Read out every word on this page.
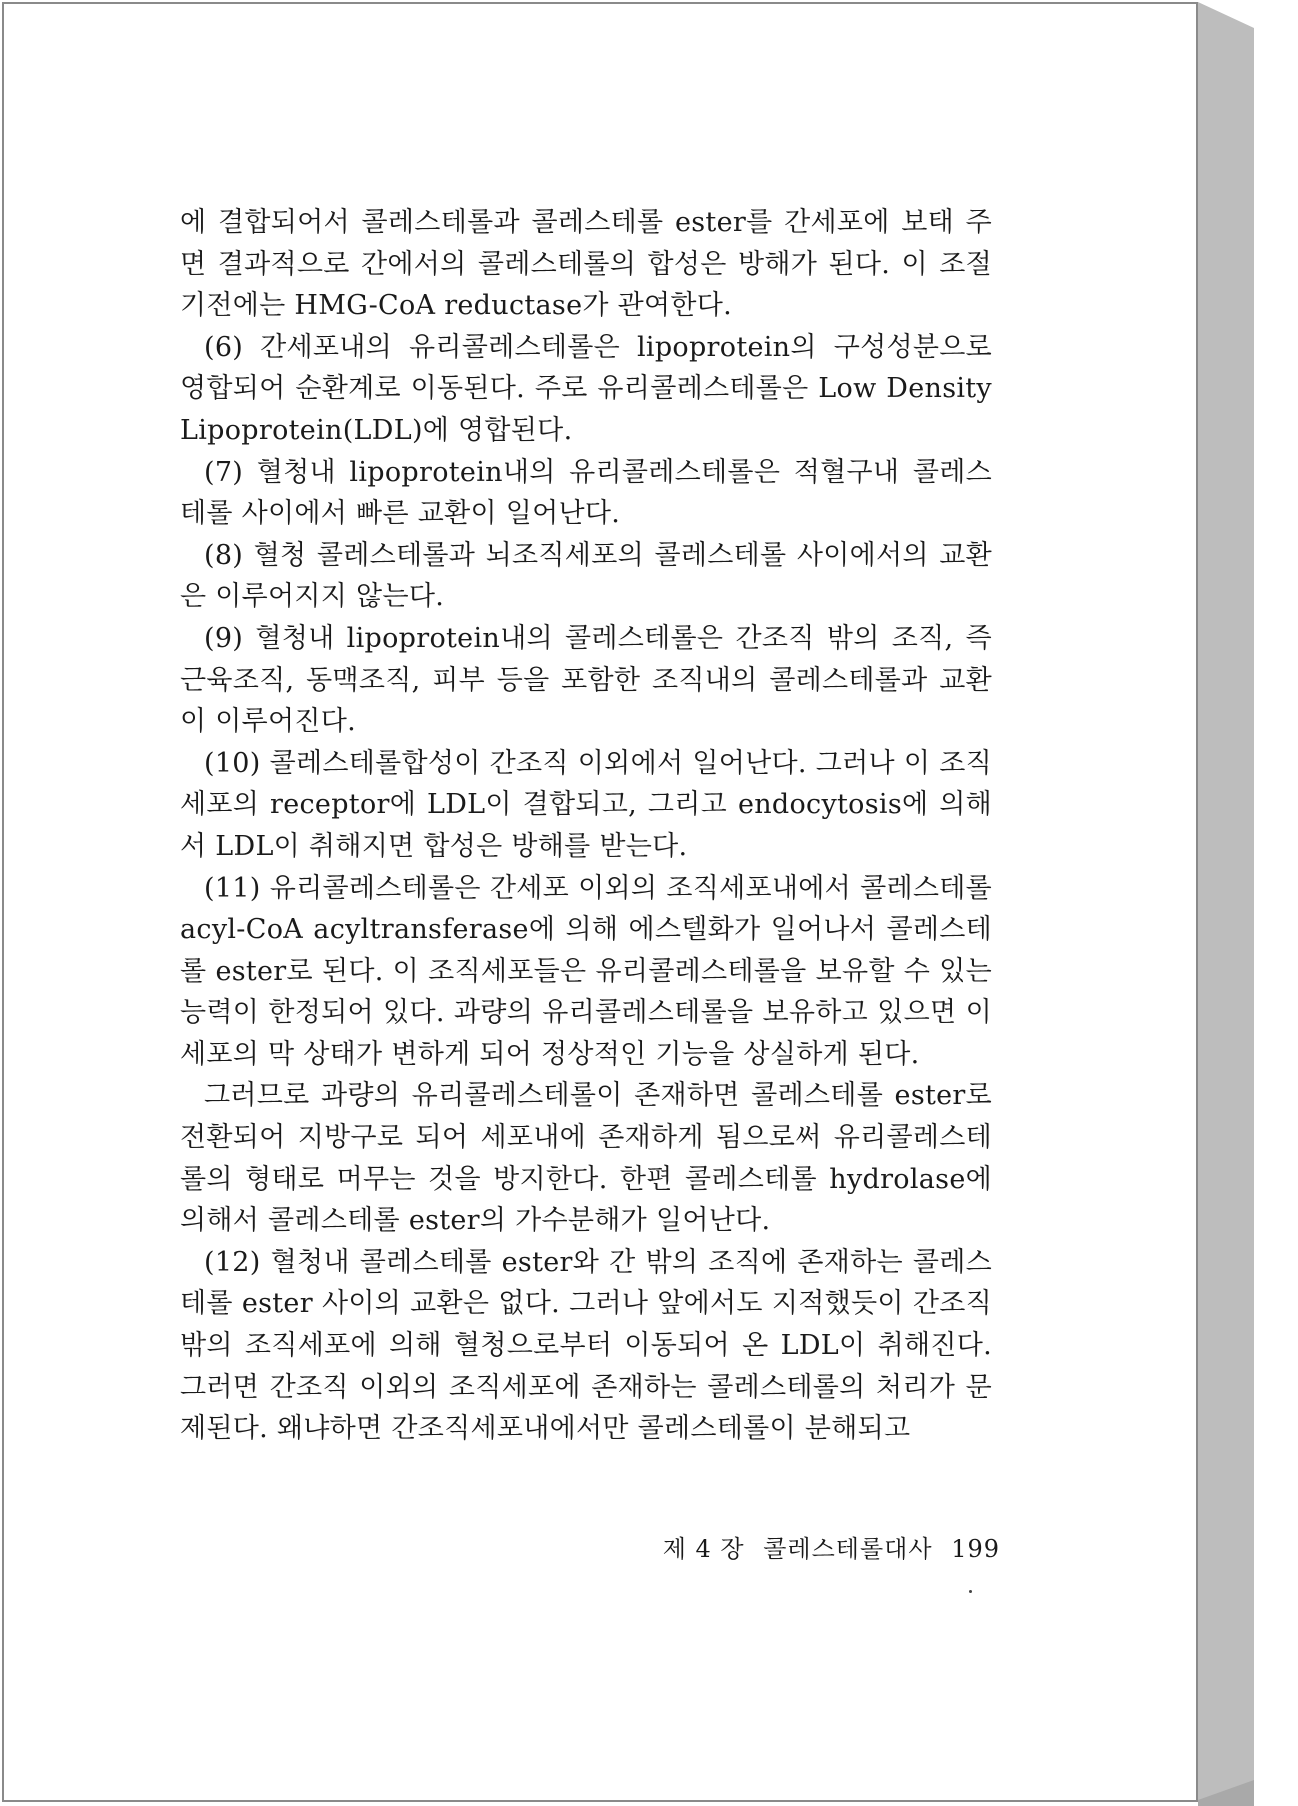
에 결합되어서 콜레스테롤과 콜레스테롤 ester를 간세포에 보태 주면 결과적으로 간에서의 콜레스테롤의 합성은 방해가 된다. 이 조절기전에는 HMG-CoA reductase가 관여한다.

(6) 간세포내의 유리콜레스테롤은 lipoprotein의 구성성분으로 영합되어 순환계로 이동된다. 주로 유리콜레스테롤은 Low Density Lipoprotein(LDL)에 영합된다.

(7) 혈청내 lipoprotein내의 유리콜레스테롤은 적혈구내 콜레스테롤 사이에서 빠른 교환이 일어난다.

(8) 혈청 콜레스테롤과 뇌조직세포의 콜레스테롤 사이에서의 교환은 이루어지지 않는다.

(9) 혈청내 lipoprotein내의 콜레스테롤은 간조직 밖의 조직, 즉 근육조직, 동맥조직, 피부 등을 포함한 조직내의 콜레스테롤과 교환이 이루어진다.

(10) 콜레스테롤합성이 간조직 이외에서 일어난다. 그러나 이 조직세포의 receptor에 LDL이 결합되고, 그리고 endocytosis에 의해서 LDL이 취해지면 합성은 방해를 받는다.

(11) 유리콜레스테롤은 간세포 이외의 조직세포내에서 콜레스테롤 acyl-CoA acyltransferase에 의해 에스텔화가 일어나서 콜레스테롤 ester로 된다. 이 조직세포들은 유리콜레스테롤을 보유할 수 있는 능력이 한정되어 있다. 과량의 유리콜레스테롤을 보유하고 있으면 이 세포의 막 상태가 변하게 되어 정상적인 기능을 상실하게 된다.

그러므로 과량의 유리콜레스테롤이 존재하면 콜레스테롤 ester로 전환되어 지방구로 되어 세포내에 존재하게 됨으로써 유리콜레스테롤의 형태로 머무는 것을 방지한다. 한편 콜레스테롤 hydrolase에 의해서 콜레스테롤 ester의 가수분해가 일어난다.

(12) 혈청내 콜레스테롤 ester와 간 밖의 조직에 존재하는 콜레스테롤 ester 사이의 교환은 없다. 그러나 앞에서도 지적했듯이 간조직 밖의 조직세포에 의해 혈청으로부터 이동되어 온 LDL이 취해진다. 그러면 간조직 이외의 조직세포에 존재하는 콜레스테롤의 처리가 문제된다. 왜냐하면 간조직세포내에서만 콜레스테롤이 분해되고

제 4 장 콜레스테롤대사 199
